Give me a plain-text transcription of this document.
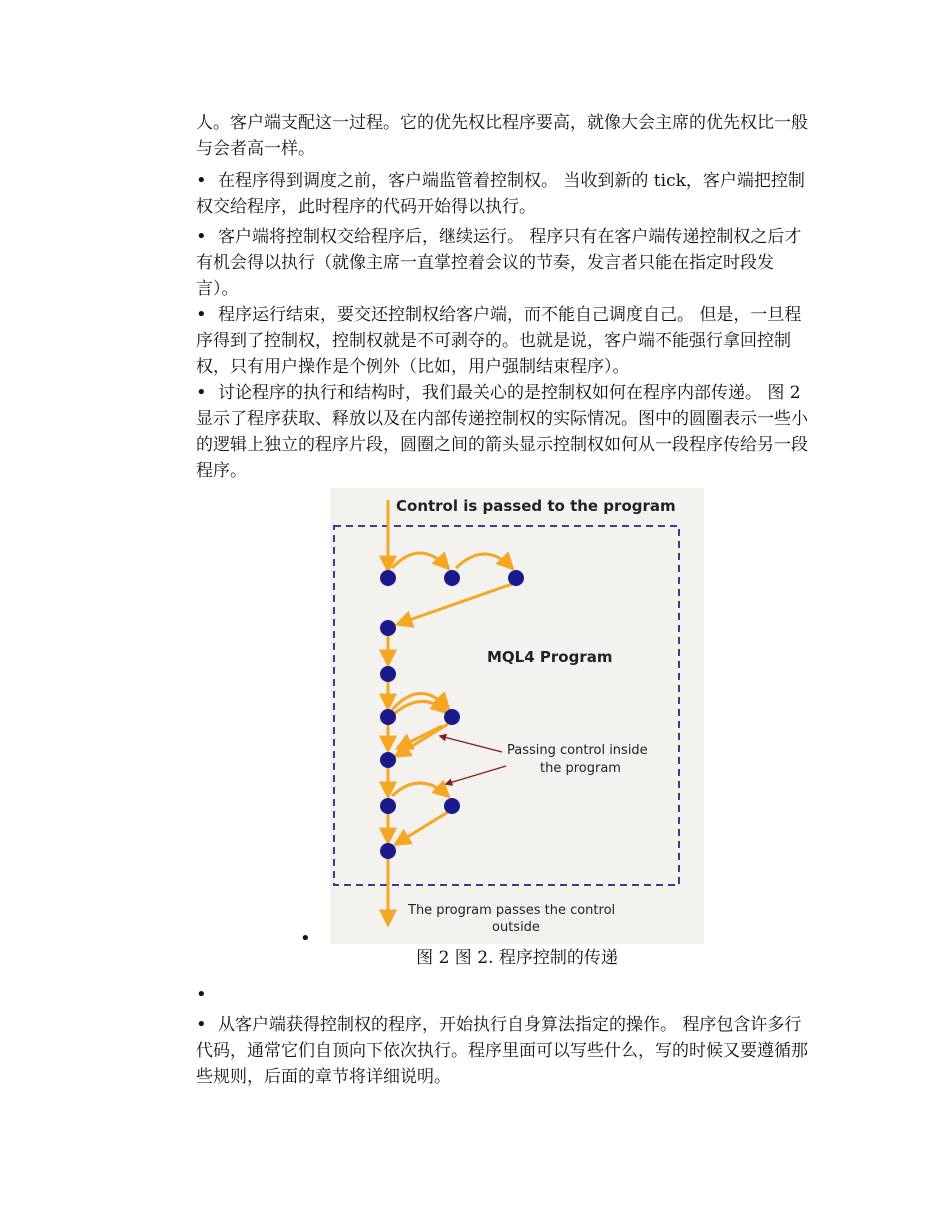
人。客户端支配这一过程。它的优先权比程序要高，就像大会主席的优先权比一般与会者高一样。
• 在程序得到调度之前，客户端监管着控制权。 当收到新的 tick，客户端把控制权交给程序，此时程序的代码开始得以执行。
• 客户端将控制权交给程序后，继续运行。 程序只有在客户端传递控制权之后才有机会得以执行（就像主席一直掌控着会议的节奏，发言者只能在指定时段发言）。
• 程序运行结束，要交还控制权给客户端，而不能自己调度自己。 但是，一旦程序得到了控制权，控制权就是不可剥夺的。也就是说，客户端不能强行拿回控制权，只有用户操作是个例外（比如，用户强制结束程序）。
• 讨论程序的执行和结构时，我们最关心的是控制权如何在程序内部传递。 图 2 显示了程序获取、释放以及在内部传递控制权的实际情况。图中的圆圈表示一些小的逻辑上独立的程序片段，圆圈之间的箭头显示控制权如何从一段程序传给另一段程序。
•
Control is passed to the program
MQL4 Program
Passing control inside
the program
The program passes the control
outside
图 2 图 2. 程序控制的传递
•
• 从客户端获得控制权的程序，开始执行自身算法指定的操作。 程序包含许多行代码，通常它们自顶向下依次执行。程序里面可以写些什么，写的时候又要遵循那些规则，后面的章节将详细说明。
